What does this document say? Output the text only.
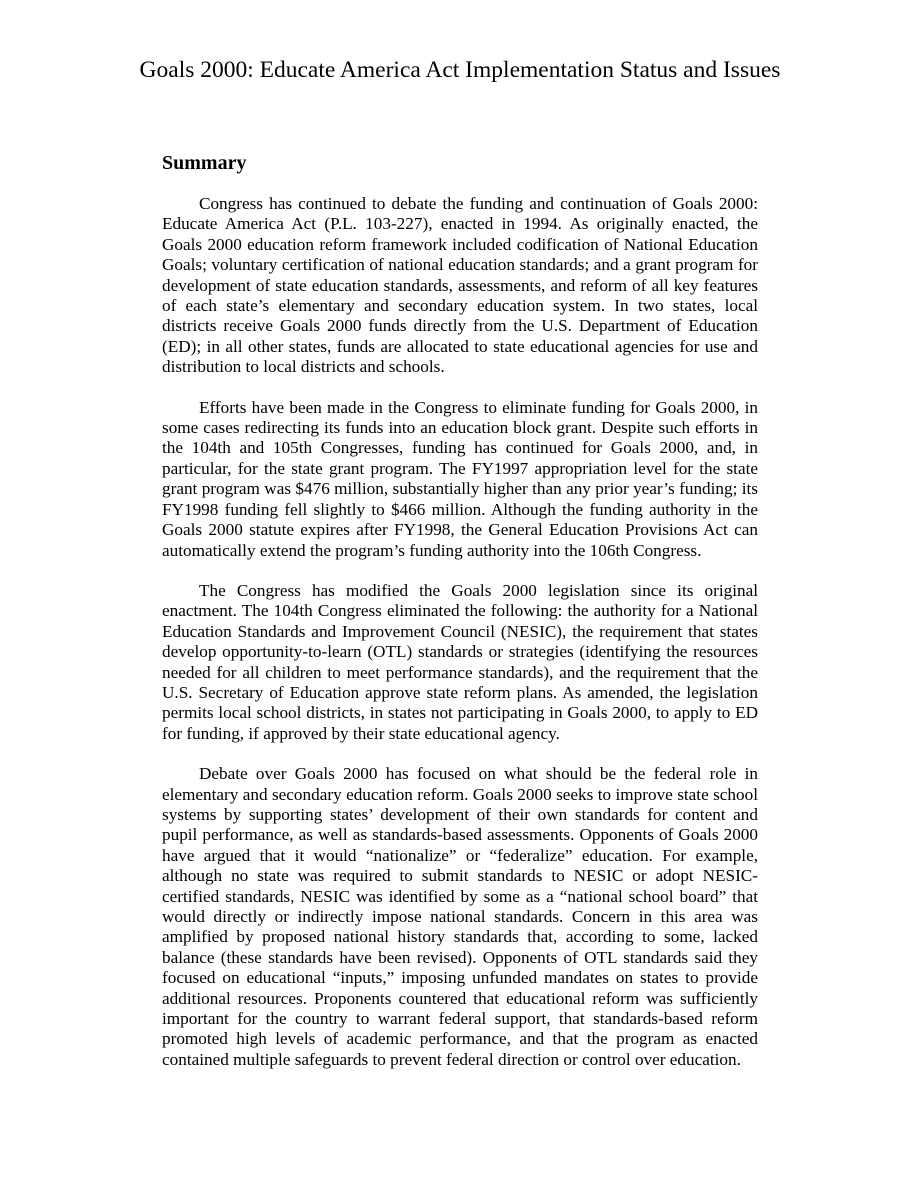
Goals 2000: Educate America Act Implementation Status and Issues
Summary

Congress has continued to debate the funding and continuation of Goals 2000: Educate America Act (P.L. 103-227), enacted in 1994. As originally enacted, the Goals 2000 education reform framework included codification of National Education Goals; voluntary certification of national education standards; and a grant program for development of state education standards, assessments, and reform of all key features of each state’s elementary and secondary education system. In two states, local districts receive Goals 2000 funds directly from the U.S. Department of Education (ED); in all other states, funds are allocated to state educational agencies for use and distribution to local districts and schools.

Efforts have been made in the Congress to eliminate funding for Goals 2000, in some cases redirecting its funds into an education block grant. Despite such efforts in the 104th and 105th Congresses, funding has continued for Goals 2000, and, in particular, for the state grant program. The FY1997 appropriation level for the state grant program was $476 million, substantially higher than any prior year’s funding; its FY1998 funding fell slightly to $466 million. Although the funding authority in the Goals 2000 statute expires after FY1998, the General Education Provisions Act can automatically extend the program’s funding authority into the 106th Congress.

The Congress has modified the Goals 2000 legislation since its original enactment. The 104th Congress eliminated the following: the authority for a National Education Standards and Improvement Council (NESIC), the requirement that states develop opportunity-to-learn (OTL) standards or strategies (identifying the resources needed for all children to meet performance standards), and the requirement that the U.S. Secretary of Education approve state reform plans. As amended, the legislation permits local school districts, in states not participating in Goals 2000, to apply to ED for funding, if approved by their state educational agency.

Debate over Goals 2000 has focused on what should be the federal role in elementary and secondary education reform. Goals 2000 seeks to improve state school systems by supporting states’ development of their own standards for content and pupil performance, as well as standards-based assessments. Opponents of Goals 2000 have argued that it would “nationalize” or “federalize” education. For example, although no state was required to submit standards to NESIC or adopt NESIC-certified standards, NESIC was identified by some as a “national school board” that would directly or indirectly impose national standards. Concern in this area was amplified by proposed national history standards that, according to some, lacked balance (these standards have been revised). Opponents of OTL standards said they focused on educational “inputs,” imposing unfunded mandates on states to provide additional resources. Proponents countered that educational reform was sufficiently important for the country to warrant federal support, that standards-based reform promoted high levels of academic performance, and that the program as enacted contained multiple safeguards to prevent federal direction or control over education.
